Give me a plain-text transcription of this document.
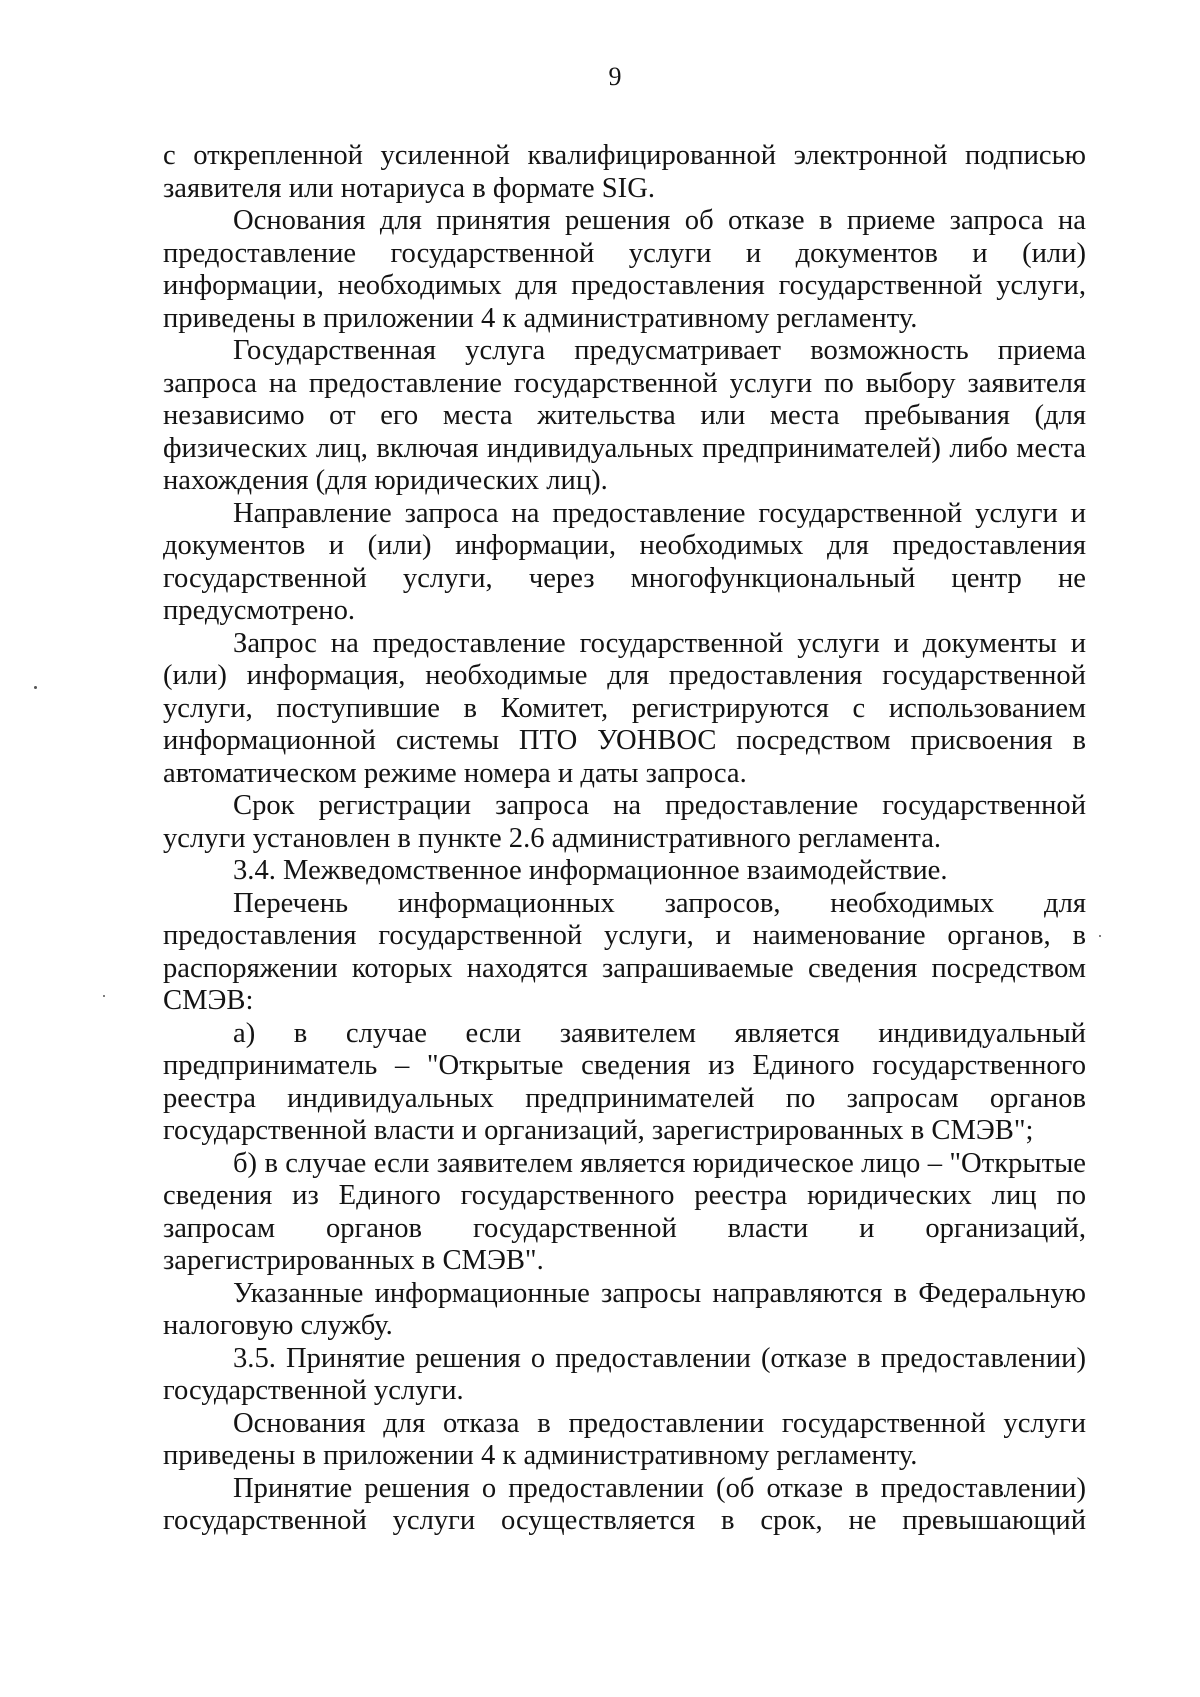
9

с открепленной усиленной квалифицированной электронной подписью заявителя или нотариуса в формате SIG.

Основания для принятия решения об отказе в приеме запроса на предоставление государственной услуги и документов и (или) информации, необходимых для предоставления государственной услуги, приведены в приложении 4 к административному регламенту.

Государственная услуга предусматривает возможность приема запроса на предоставление государственной услуги по выбору заявителя независимо от его места жительства или места пребывания (для физических лиц, включая индивидуальных предпринимателей) либо места нахождения (для юридических лиц).

Направление запроса на предоставление государственной услуги и документов и (или) информации, необходимых для предоставления государственной услуги, через многофункциональный центр не предусмотрено.

Запрос на предоставление государственной услуги и документы и (или) информация, необходимые для предоставления государственной услуги, поступившие в Комитет, регистрируются с использованием информационной системы ПТО УОНВОС посредством присвоения в автоматическом режиме номера и даты запроса.

Срок регистрации запроса на предоставление государственной услуги установлен в пункте 2.6 административного регламента.

3.4. Межведомственное информационное взаимодействие.

Перечень информационных запросов, необходимых для предоставления государственной услуги, и наименование органов, в распоряжении которых находятся запрашиваемые сведения посредством СМЭВ:

а) в случае если заявителем является индивидуальный предприниматель – "Открытые сведения из Единого государственного реестра индивидуальных предпринимателей по запросам органов государственной власти и организаций, зарегистрированных в СМЭВ";

б) в случае если заявителем является юридическое лицо – "Открытые сведения из Единого государственного реестра юридических лиц по запросам органов государственной власти и организаций, зарегистрированных в СМЭВ".

Указанные информационные запросы направляются в Федеральную налоговую службу.

3.5. Принятие решения о предоставлении (отказе в предоставлении) государственной услуги.

Основания для отказа в предоставлении государственной услуги приведены в приложении 4 к административному регламенту.

Принятие решения о предоставлении (об отказе в предоставлении) государственной услуги осуществляется в срок, не превышающий
